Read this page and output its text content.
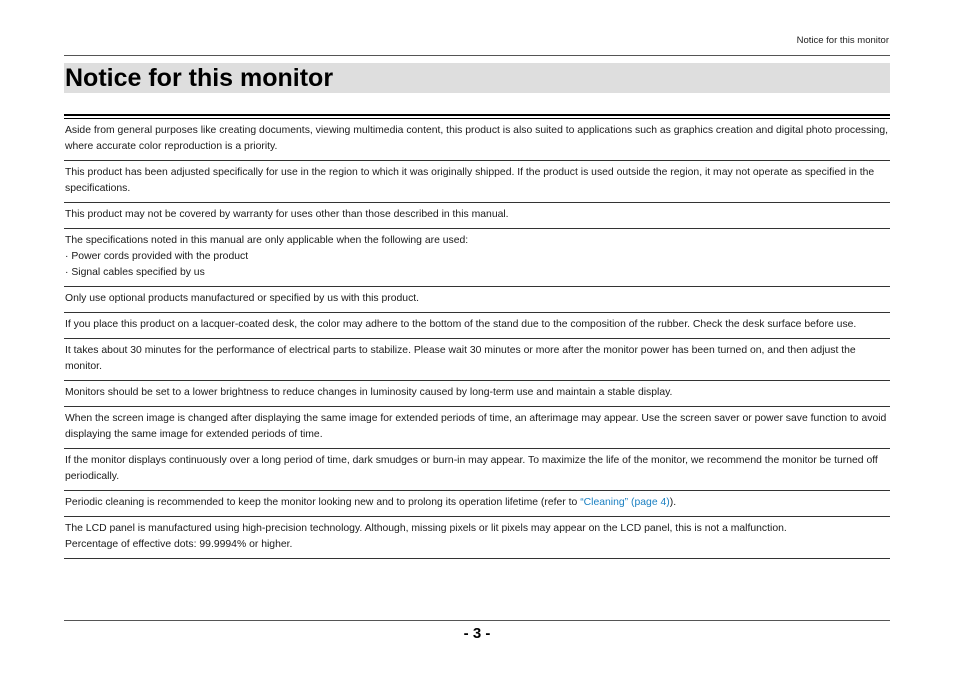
Notice for this monitor
Notice for this monitor

Aside from general purposes like creating documents, viewing multimedia content, this product is also suited to applications such as graphics creation and digital photo processing, where accurate color reproduction is a priority.

This product has been adjusted specifically for use in the region to which it was originally shipped. If the product is used outside the region, it may not operate as specified in the specifications.

This product may not be covered by warranty for uses other than those described in this manual.

The specifications noted in this manual are only applicable when the following are used:

· Power cords provided with the product

· Signal cables specified by us

Only use optional products manufactured or specified by us with this product.

If you place this product on a lacquer-coated desk, the color may adhere to the bottom of the stand due to the composition of the rubber. Check the desk surface before use.

It takes about 30 minutes for the performance of electrical parts to stabilize. Please wait 30 minutes or more after the monitor power has been turned on, and then adjust the monitor.

Monitors should be set to a lower brightness to reduce changes in luminosity caused by long-term use and maintain a stable display.

When the screen image is changed after displaying the same image for extended periods of time, an afterimage may appear. Use the screen saver or power save function to avoid displaying the same image for extended periods of time.

If the monitor displays continuously over a long period of time, dark smudges or burn-in may appear. To maximize the life of the monitor, we recommend the monitor be turned off periodically.

Periodic cleaning is recommended to keep the monitor looking new and to prolong its operation lifetime (refer to “Cleaning” (page 4)).

The LCD panel is manufactured using high-precision technology. Although, missing pixels or lit pixels may appear on the LCD panel, this is not a malfunction.

Percentage of effective dots: 99.9994% or higher.

- 3 -
